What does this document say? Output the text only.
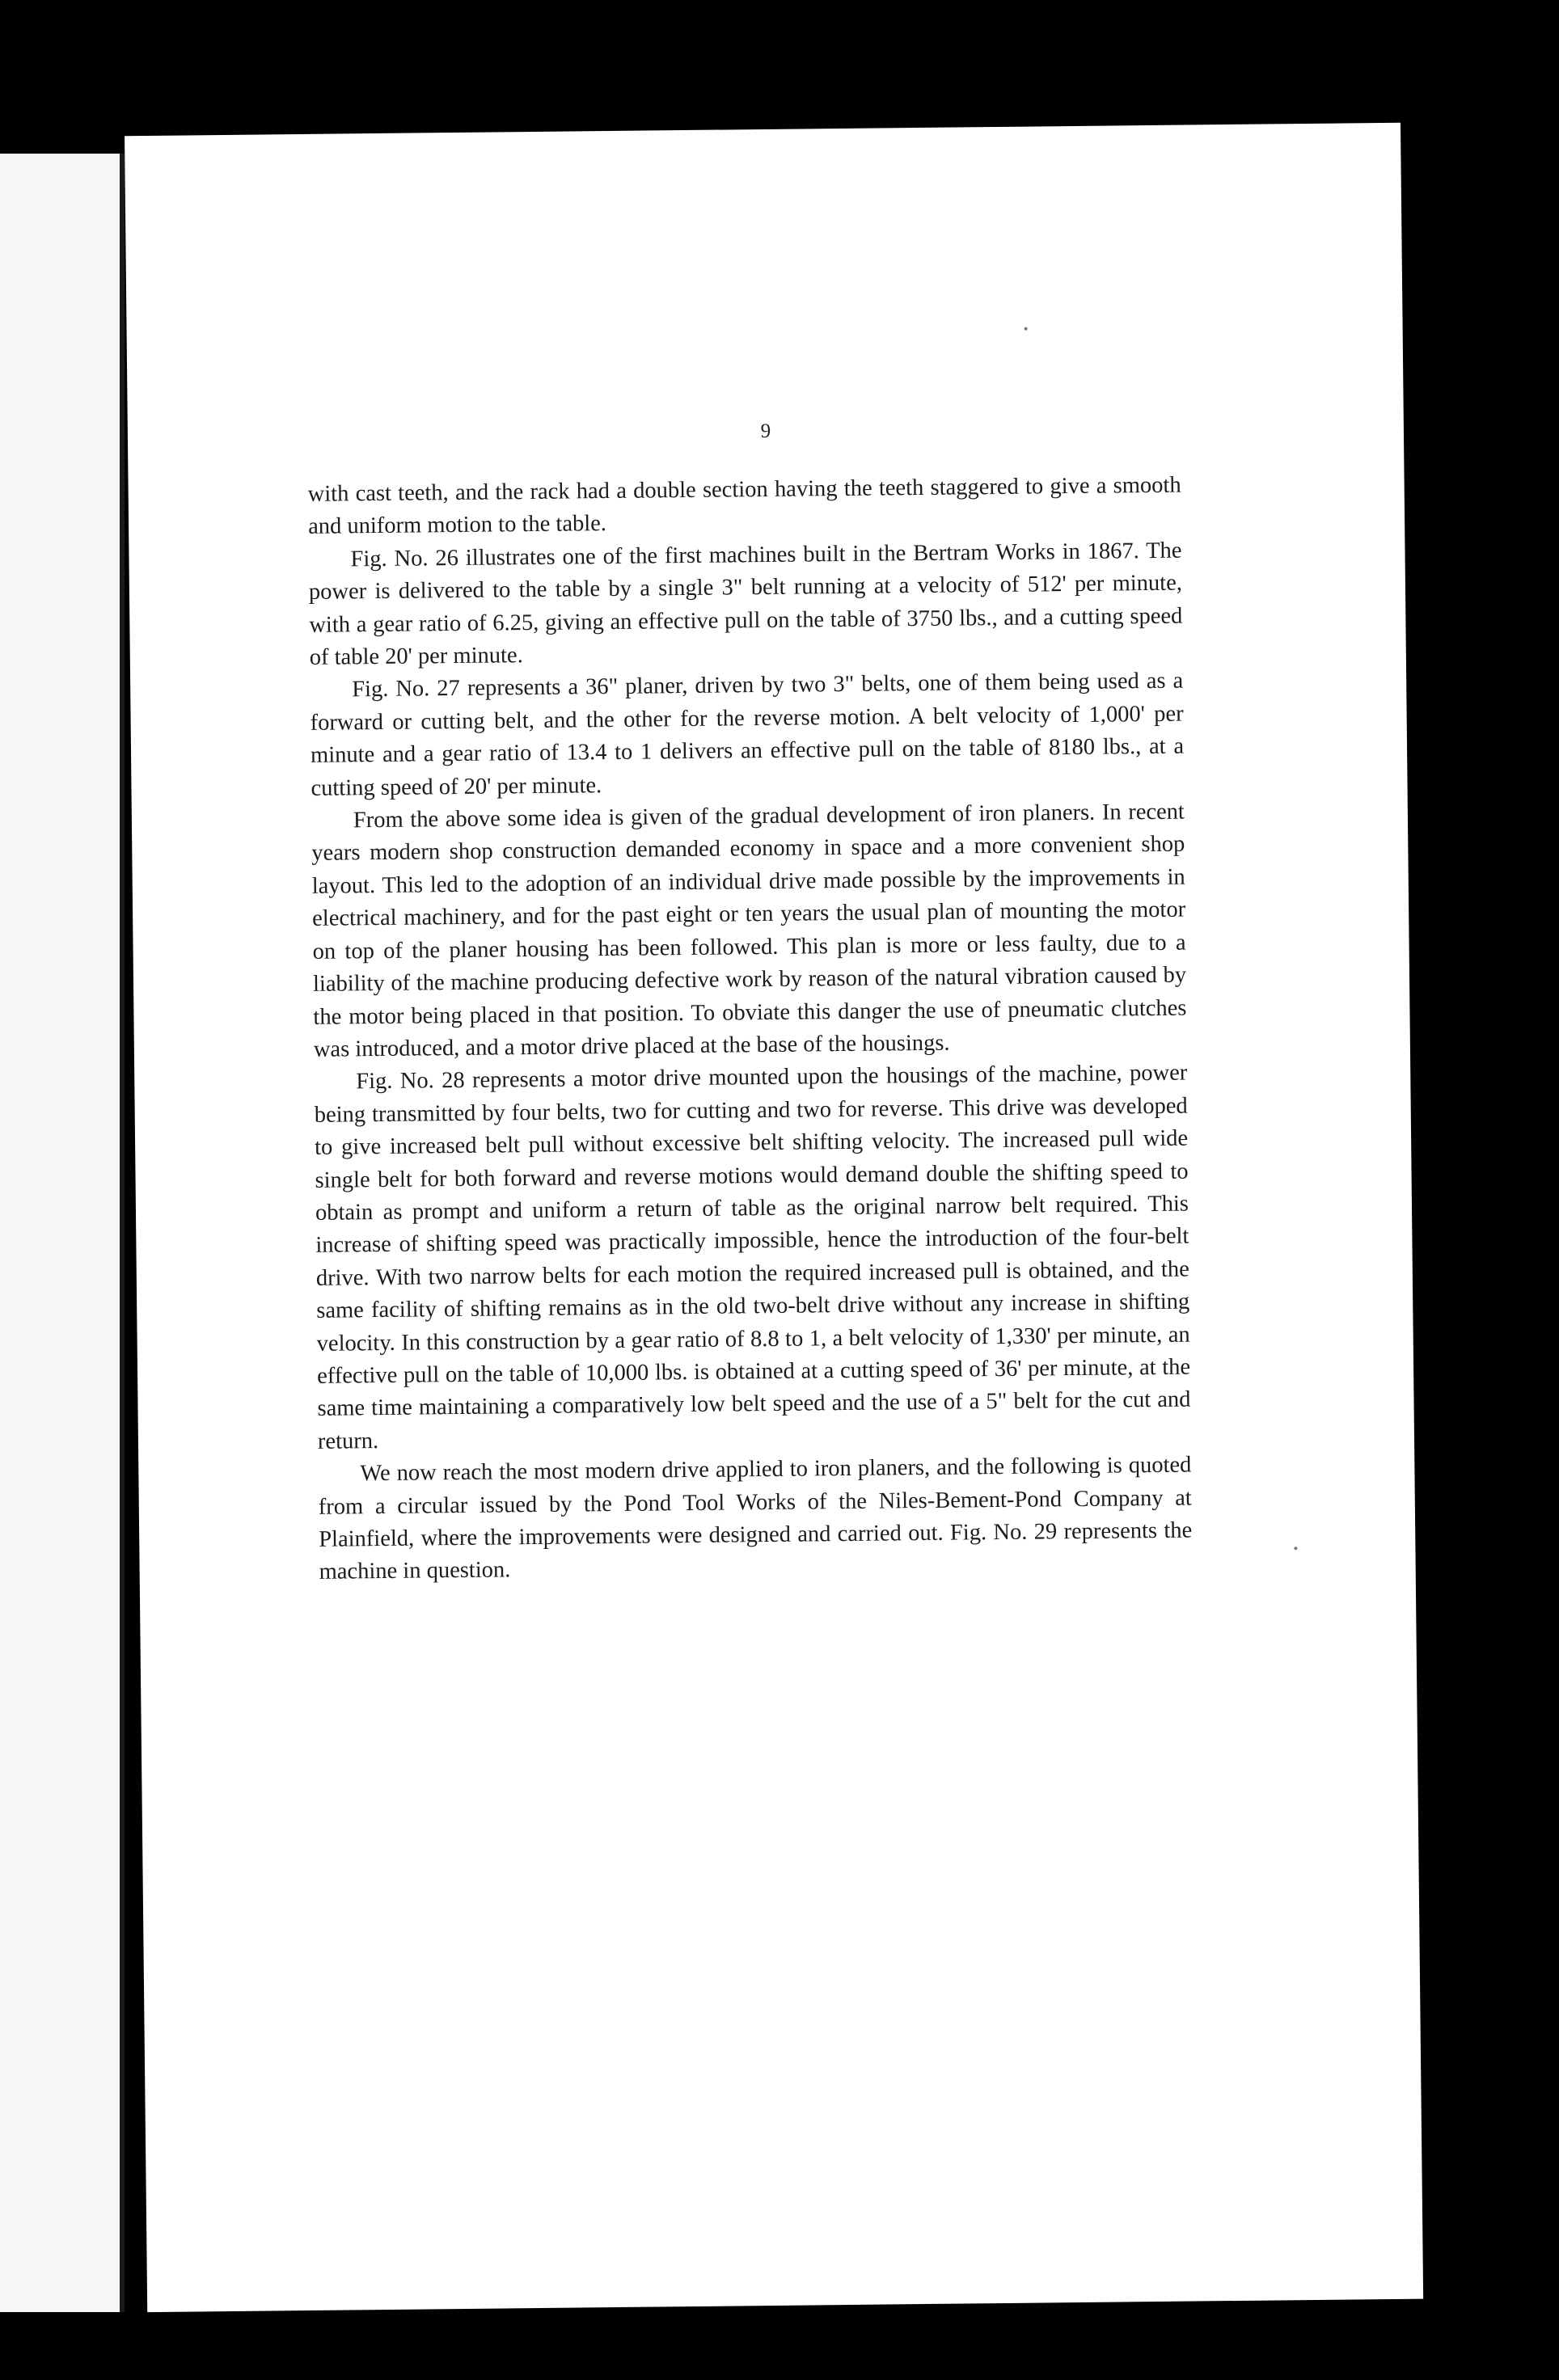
9

with cast teeth, and the rack had a double section having the teeth staggered to give a smooth and uniform motion to the table.

Fig. No. 26 illustrates one of the first machines built in the Bertram Works in 1867. The power is delivered to the table by a single 3" belt running at a velocity of 512' per minute, with a gear ratio of 6.25, giving an effective pull on the table of 3750 lbs., and a cutting speed of table 20' per minute.

Fig. No. 27 represents a 36" planer, driven by two 3" belts, one of them being used as a forward or cutting belt, and the other for the reverse motion. A belt velocity of 1,000' per minute and a gear ratio of 13.4 to 1 delivers an effective pull on the table of 8180 lbs., at a cutting speed of 20' per minute.

From the above some idea is given of the gradual development of iron planers. In recent years modern shop construction demanded economy in space and a more convenient shop layout. This led to the adoption of an individual drive made possible by the improvements in electrical machinery, and for the past eight or ten years the usual plan of mounting the motor on top of the planer housing has been followed. This plan is more or less faulty, due to a liability of the machine producing defective work by reason of the natural vibration caused by the motor being placed in that position. To obviate this danger the use of pneumatic clutches was introduced, and a motor drive placed at the base of the housings.

Fig. No. 28 represents a motor drive mounted upon the housings of the machine, power being transmitted by four belts, two for cutting and two for reverse. This drive was developed to give increased belt pull without excessive belt shifting velocity. The increased pull wide single belt for both forward and reverse motions would demand double the shifting speed to obtain as prompt and uniform a return of table as the original narrow belt required. This increase of shifting speed was practically impossible, hence the introduction of the four-belt drive. With two narrow belts for each motion the required increased pull is obtained, and the same facility of shifting remains as in the old two-belt drive without any increase in shifting velocity. In this construction by a gear ratio of 8.8 to 1, a belt velocity of 1,330' per minute, an effective pull on the table of 10,000 lbs. is obtained at a cutting speed of 36' per minute, at the same time maintaining a comparatively low belt speed and the use of a 5" belt for the cut and return.

We now reach the most modern drive applied to iron planers, and the following is quoted from a circular issued by the Pond Tool Works of the Niles-Bement-Pond Company at Plainfield, where the improvements were designed and carried out. Fig. No. 29 represents the machine in question.
